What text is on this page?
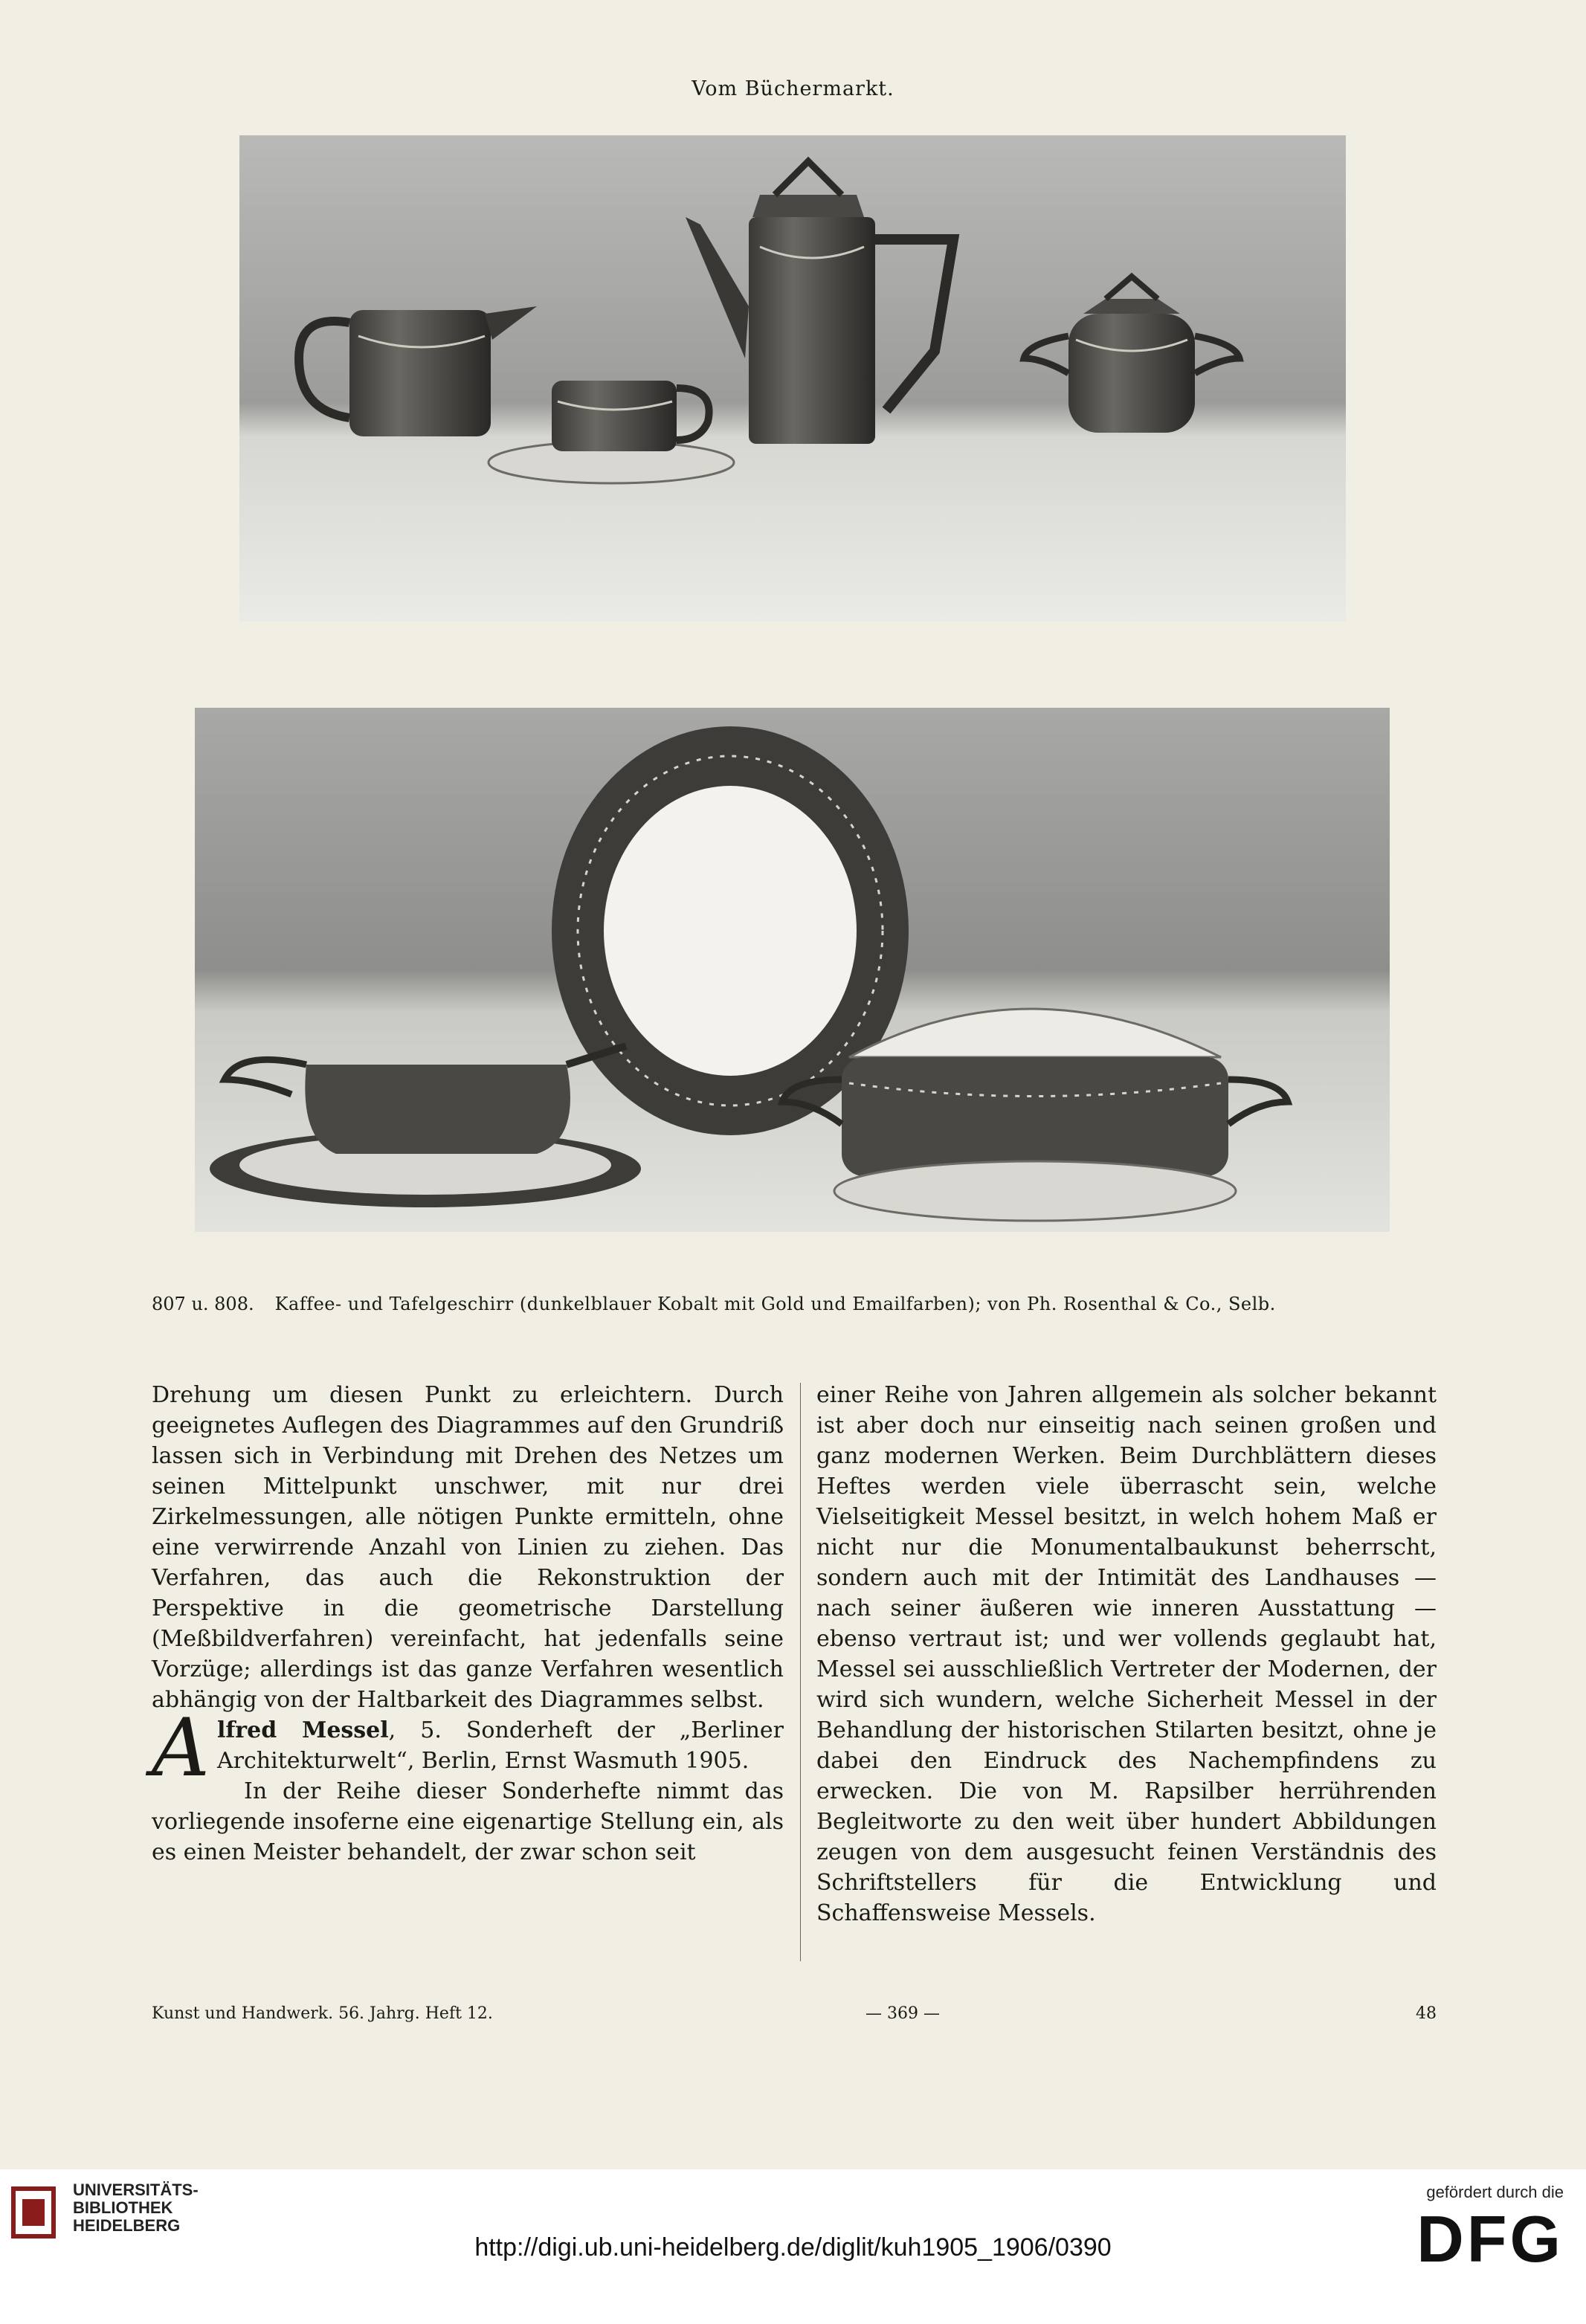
Vom Büchermarkt.
807 u. 808. Kaffee- und Tafelgeschirr (dunkelblauer Kobalt mit Gold und Emailfarben); von Ph. Rosenthal & Co., Selb.

Drehung um diesen Punkt zu erleichtern. Durch geeignetes Auflegen des Diagrammes auf den Grundriß lassen sich in Verbindung mit Drehen des Netzes um seinen Mittelpunkt unschwer, mit nur drei Zirkelmessungen, alle nötigen Punkte ermitteln, ohne eine verwirrende Anzahl von Linien zu ziehen. Das Verfahren, das auch die Rekonstruktion der Perspektive in die geometrische Darstellung (Meßbildverfahren) vereinfacht, hat jedenfalls seine Vorzüge; allerdings ist das ganze Verfahren wesentlich abhängig von der Haltbarkeit des Diagrammes selbst.

Alfred Messel, 5. Sonderheft der „Berliner Architekturwelt“, Berlin, Ernst Wasmuth 1905.

In der Reihe dieser Sonderhefte nimmt das vorliegende insoferne eine eigenartige Stellung ein, als es einen Meister behandelt, der zwar schon seit

einer Reihe von Jahren allgemein als solcher bekannt ist aber doch nur einseitig nach seinen großen und ganz modernen Werken. Beim Durchblättern dieses Heftes werden viele überrascht sein, welche Vielseitigkeit Messel besitzt, in welch hohem Maß er nicht nur die Monumentalbaukunst beherrscht, sondern auch mit der Intimität des Landhauses — nach seiner äußeren wie inneren Ausstattung — ebenso vertraut ist; und wer vollends geglaubt hat, Messel sei ausschließlich Vertreter der Modernen, der wird sich wundern, welche Sicherheit Messel in der Behandlung der historischen Stilarten besitzt, ohne je dabei den Eindruck des Nachempfindens zu erwecken. Die von M. Rapsilber herrührenden Begleitworte zu den weit über hundert Abbildungen zeugen von dem ausgesucht feinen Verständnis des Schriftstellers für die Entwicklung und Schaffensweise Messels.

Kunst und Handwerk. 56. Jahrg. Heft 12.	— 369 —	48
UNIVERSITÄTS-
BIBLIOTHEK
HEIDELBERG
http://digi.ub.uni-heidelberg.de/diglit/kuh1905_1906/0390
gefördert durch die
DFG
